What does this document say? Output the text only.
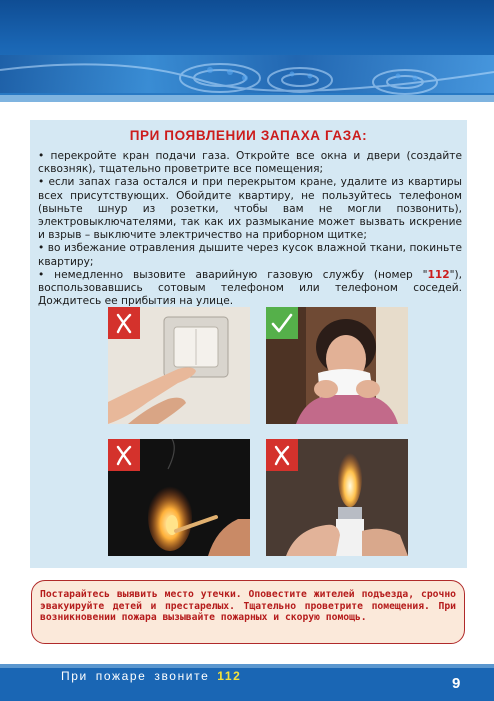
ПРИ ПОЯВЛЕНИИ ЗАПАХА ГАЗА:

• перекройте кран подачи газа. Откройте все окна и двери (создайте сквозняк), тщательно проветрите все помещения;

• если запах газа остался и при перекрытом кране, удалите из квартиры всех присутствующих. Обойдите квартиру, не пользуйтесь телефоном (выньте шнур из розетки, чтобы вам не могли позвонить), электровыключателями, так как их размыкание может вызвать искрение и взрыв – выключите электричество на приборном щитке;

• во избежание отравления дышите через кусок влажной ткани, покиньте квартиру;

• немедленно вызовите аварийную газовую службу (номер "112"), воспользовавшись сотовым телефоном или телефоном соседей. Дождитесь ее прибытия на улице.

Постарайтесь выявить место утечки. Оповестите жителей подъезда, срочно эвакуируйте детей и престарелых. Тщательно проветрите помещения. При возникновении пожара вызывайте пожарных и скорую помощь.
При пожаре звоните 112	9
